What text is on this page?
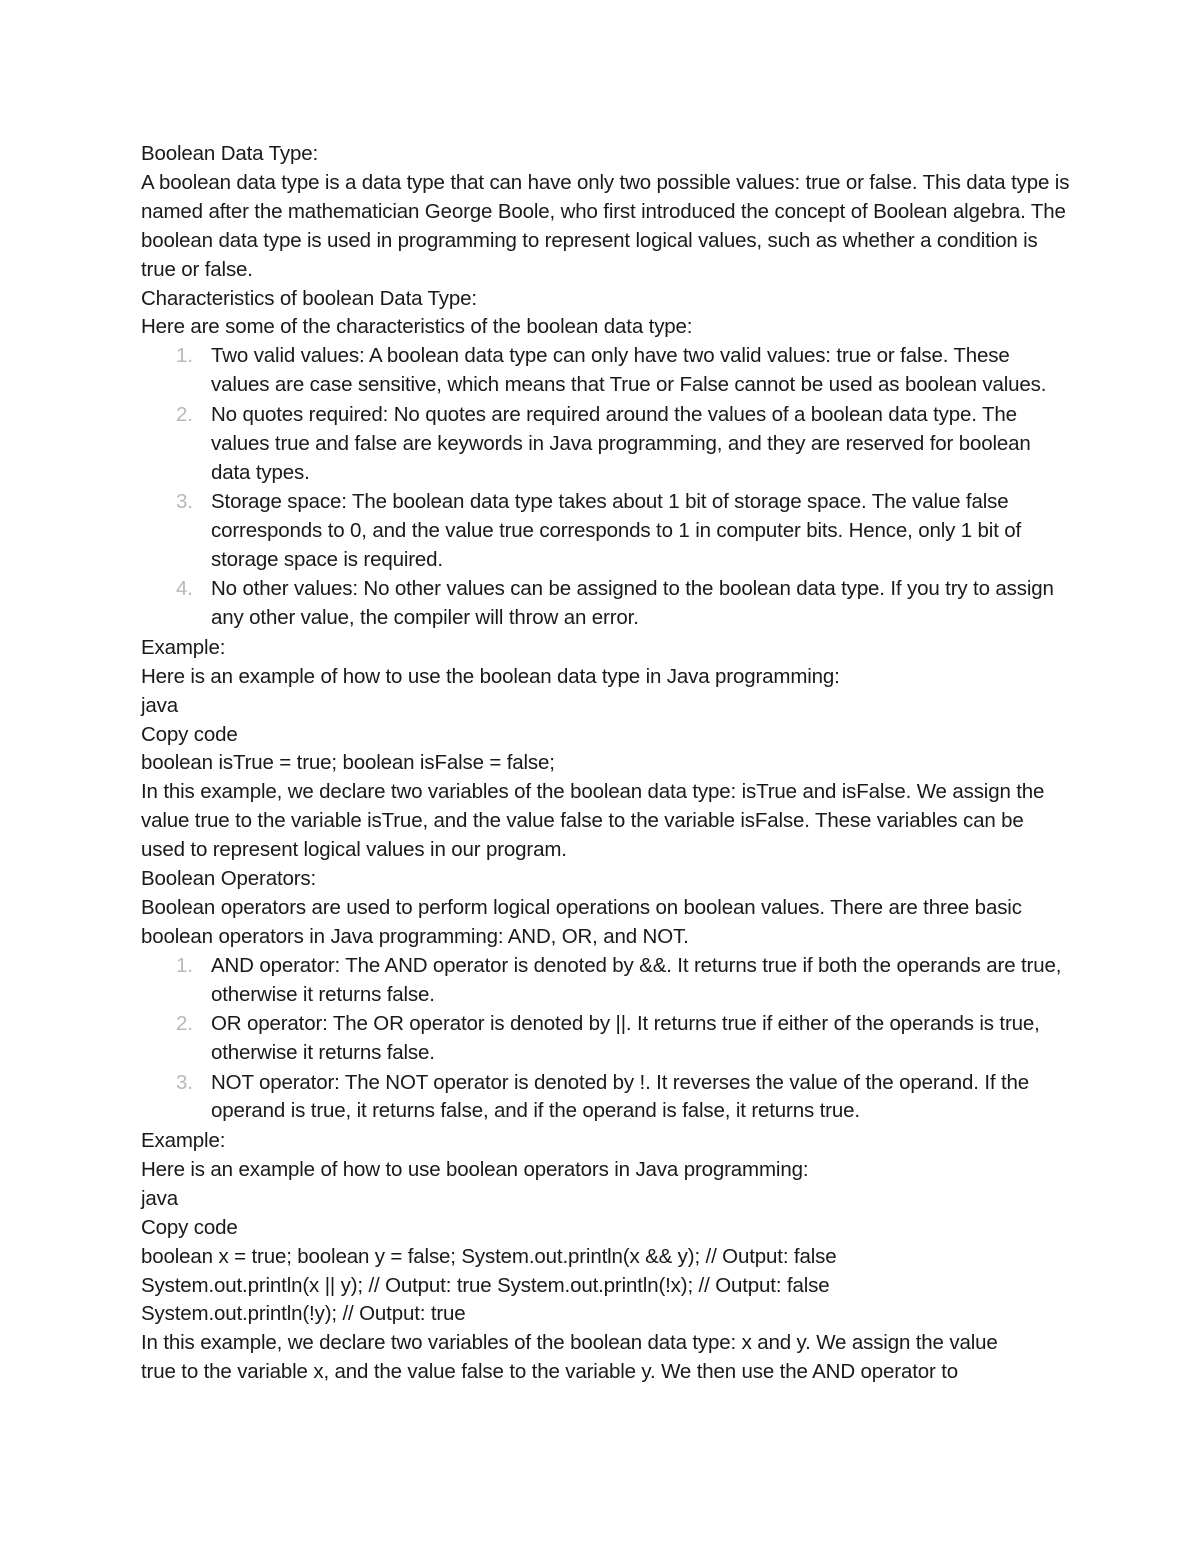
Boolean Data Type:

A boolean data type is a data type that can have only two possible values: true or false. This data type is named after the mathematician George Boole, who first introduced the concept of Boolean algebra. The boolean data type is used in programming to represent logical values, such as whether a condition is true or false.

Characteristics of boolean Data Type:

Here are some of the characteristics of the boolean data type:

1. Two valid values: A boolean data type can only have two valid values: true or false. These values are case sensitive, which means that True or False cannot be used as boolean values.
2. No quotes required: No quotes are required around the values of a boolean data type. The values true and false are keywords in Java programming, and they are reserved for boolean data types.
3. Storage space: The boolean data type takes about 1 bit of storage space. The value false corresponds to 0, and the value true corresponds to 1 in computer bits. Hence, only 1 bit of storage space is required.
4. No other values: No other values can be assigned to the boolean data type. If you try to assign any other value, the compiler will throw an error.

Example:

Here is an example of how to use the boolean data type in Java programming:

java

Copy code

boolean isTrue = true; boolean isFalse = false;

In this example, we declare two variables of the boolean data type: isTrue and isFalse. We assign the value true to the variable isTrue, and the value false to the variable isFalse. These variables can be used to represent logical values in our program.

Boolean Operators:

Boolean operators are used to perform logical operations on boolean values. There are three basic boolean operators in Java programming: AND, OR, and NOT.

1. AND operator: The AND operator is denoted by &&. It returns true if both the operands are true, otherwise it returns false.
2. OR operator: The OR operator is denoted by ||. It returns true if either of the operands is true, otherwise it returns false.
3. NOT operator: The NOT operator is denoted by !. It reverses the value of the operand. If the operand is true, it returns false, and if the operand is false, it returns true.

Example:

Here is an example of how to use boolean operators in Java programming:

java

Copy code

boolean x = true; boolean y = false; System.out.println(x && y); // Output: false

System.out.println(x || y); // Output: true System.out.println(!x); // Output: false

System.out.println(!y); // Output: true

In this example, we declare two variables of the boolean data type: x and y. We assign the value

true to the variable x, and the value false to the variable y. We then use the AND operator to
